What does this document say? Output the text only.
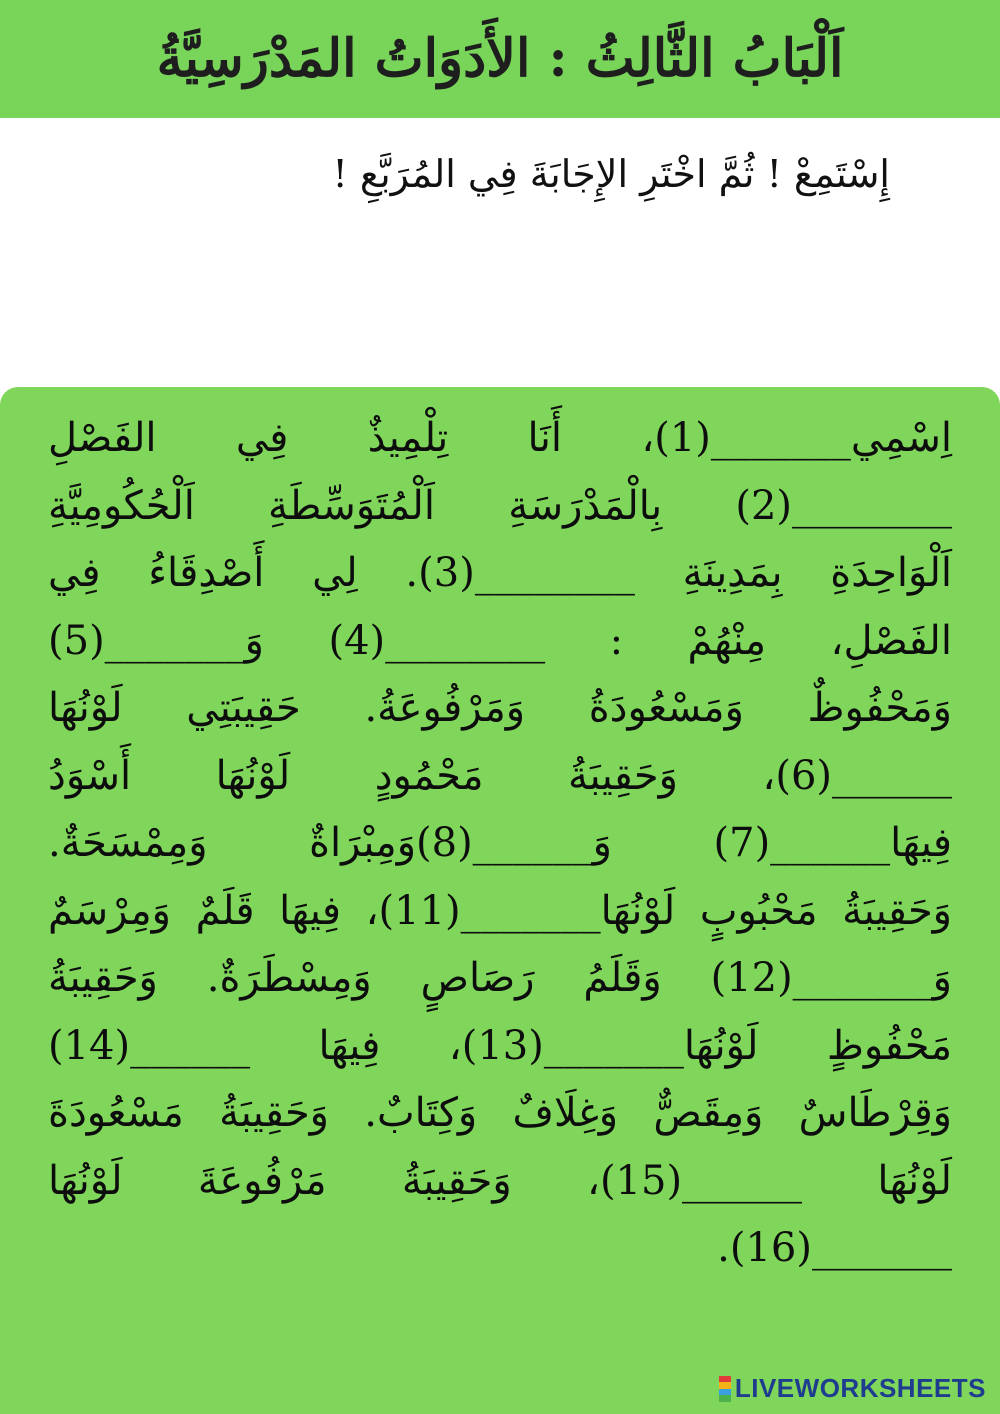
اَلْبَابُ الثَّالِثُ : الأَدَوَاتُ المَدْرَسِيَّةُ
إِسْتَمِعْ ! ثُمَّ اخْتَرِ الإِجَابَةَ فِي المُرَبَّعِ !
اِسْمِي_______(1)، أَنَا تِلْمِيذٌ فِي الفَصْلِ
________(2) بِالْمَدْرَسَةِ اَلْمُتَوَسِّطَةِ اَلْحُكُومِيَّةِ
اَلْوَاحِدَةِ بِمَدِينَةِ ________(3). لِي أَصْدِقَاءُ فِي
الفَصْلِ، مِنْهُمْ : ________(4) وَ_______(5)
وَمَحْفُوظٌ وَمَسْعُودَةُ وَمَرْفُوعَةُ. حَقِيبَتِي لَوْنُهَا
______(6)، وَحَقِيبَةُ مَحْمُودٍ لَوْنُهَا أَسْوَدُ
فِيهَا______(7) وَ______(8)وَمِبْرَاةٌ وَمِمْسَحَةٌ.
وَحَقِيبَةُ مَحْبُوبٍ لَوْنُهَا_______(11)، فِيهَا قَلَمٌ وَمِرْسَمٌ
وَ_______(12) وَقَلَمُ رَصَاصٍ وَمِسْطَرَةٌ. وَحَقِيبَةُ
مَحْفُوظٍ لَوْنُهَا_______(13)، فِيهَا ______(14)
وَقِرْطَاسٌ وَمِقَصٌّ وَغِلَافٌ وَكِتَابٌ. وَحَقِيبَةُ مَسْعُودَةَ
لَوْنُهَا ______(15)، وَحَقِيبَةُ مَرْفُوعَةَ لَوْنُهَا
_______(16).
LIVEWORKSHEETS
